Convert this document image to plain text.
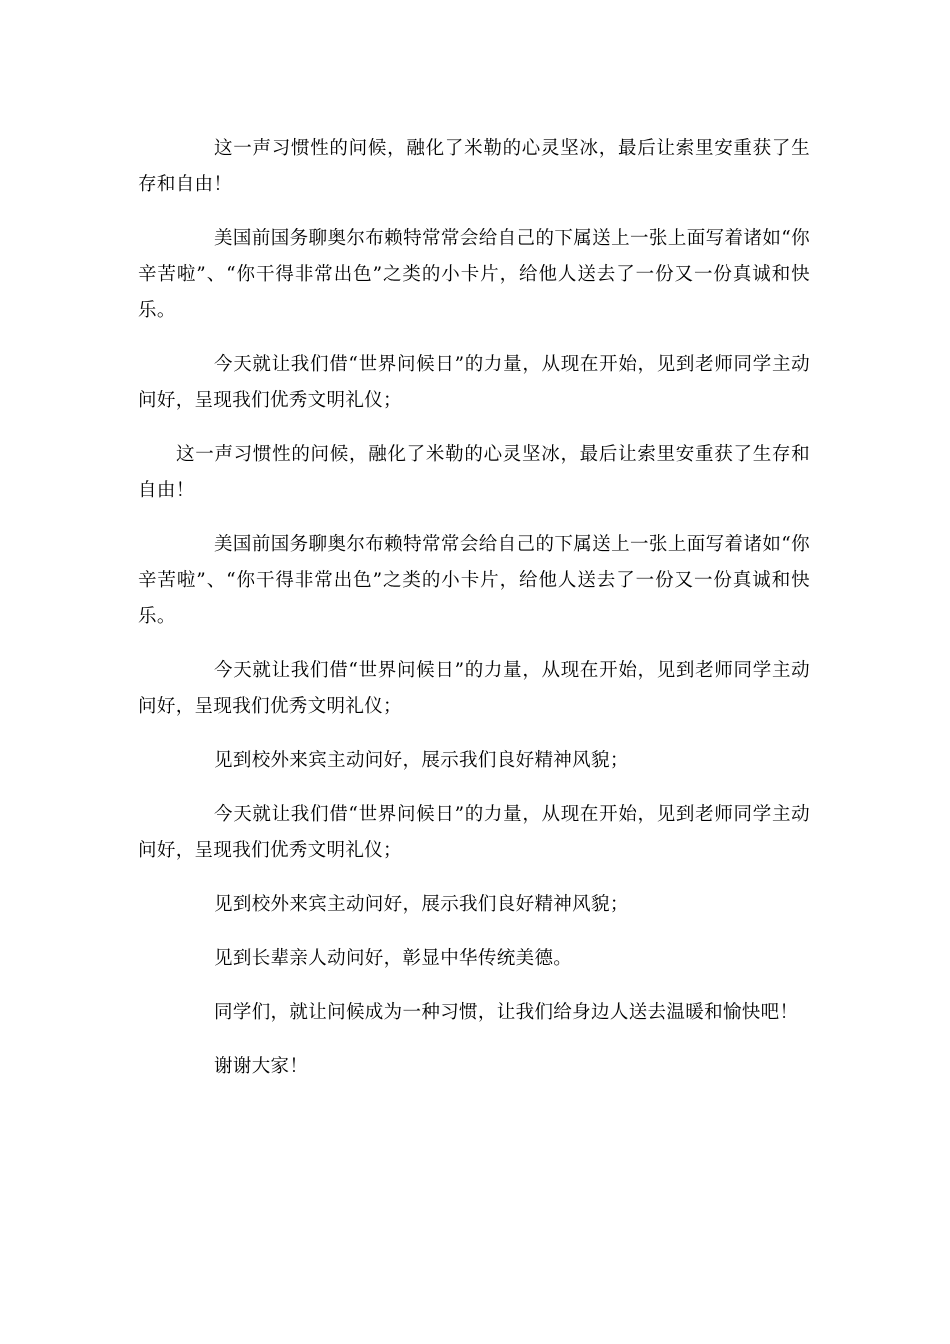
这一声习惯性的问候，融化了米勒的心灵坚冰，最后让索里安重获了生存和自由！

美国前国务聊奥尔布赖特常常会给自己的下属送上一张上面写着诸如“你辛苦啦”、“你干得非常出色”之类的小卡片，给他人送去了一份又一份真诚和快乐。

今天就让我们借“世界问候日”的力量，从现在开始，见到老师同学主动问好，呈现我们优秀文明礼仪；

这一声习惯性的问候，融化了米勒的心灵坚冰，最后让索里安重获了生存和自由！

美国前国务聊奥尔布赖特常常会给自己的下属送上一张上面写着诸如“你辛苦啦”、“你干得非常出色”之类的小卡片，给他人送去了一份又一份真诚和快乐。

今天就让我们借“世界问候日”的力量，从现在开始，见到老师同学主动问好，呈现我们优秀文明礼仪；

见到校外来宾主动问好，展示我们良好精神风貌；

今天就让我们借“世界问候日”的力量，从现在开始，见到老师同学主动问好，呈现我们优秀文明礼仪；

见到校外来宾主动问好，展示我们良好精神风貌；

见到长辈亲人动问好，彰显中华传统美德。

同学们，就让问候成为一种习惯，让我们给身边人送去温暖和愉快吧！

谢谢大家！
